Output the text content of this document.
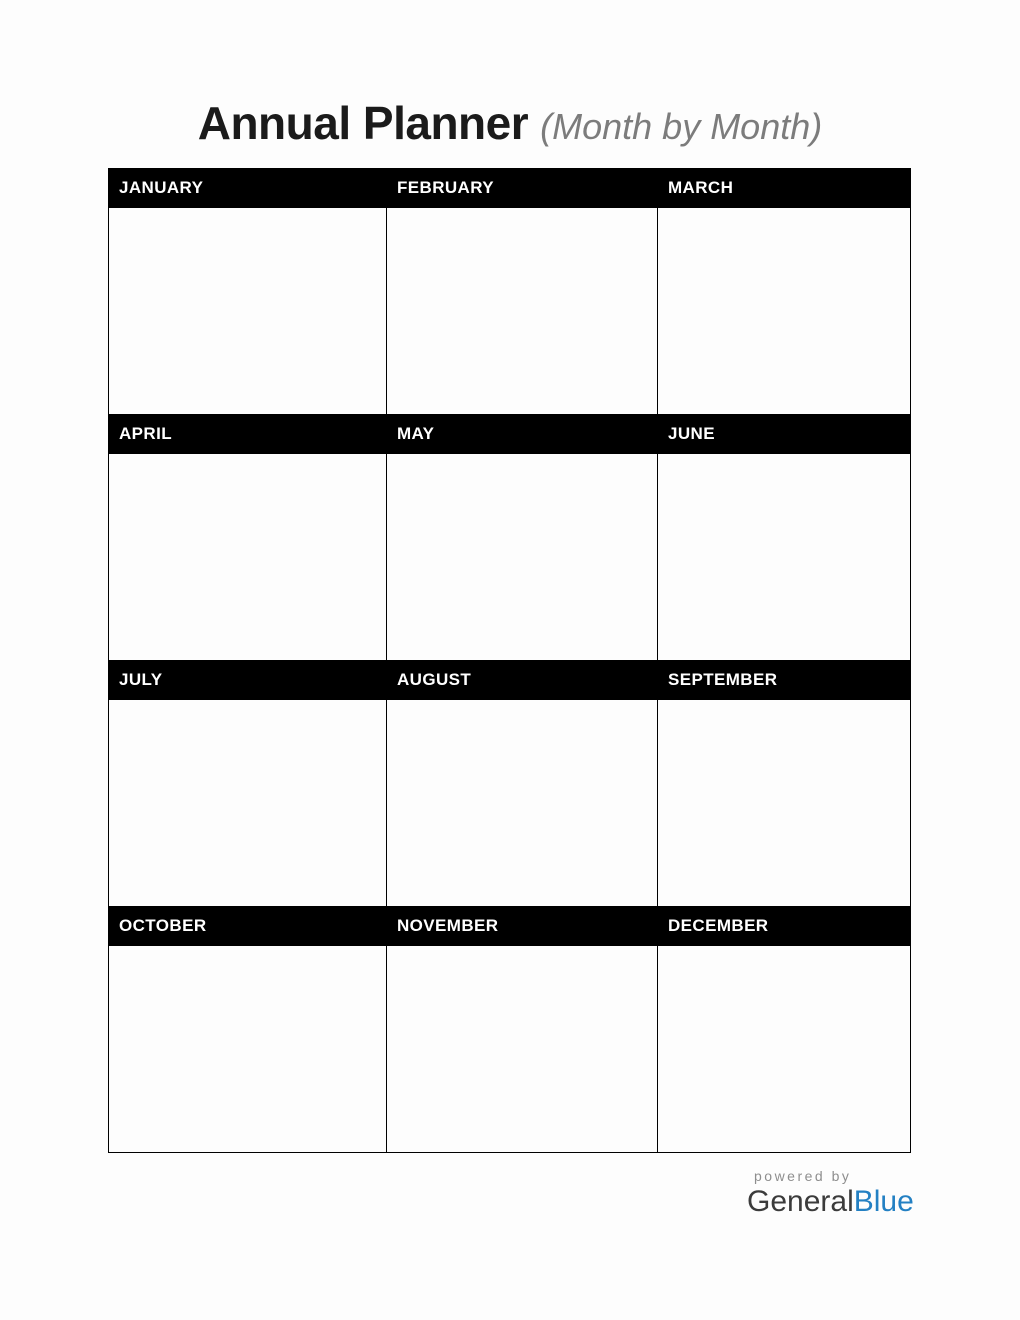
Annual Planner (Month by Month)
JANUARY	FEBRUARY	MARCH
APRIL	MAY	JUNE
JULY	AUGUST	SEPTEMBER
OCTOBER	NOVEMBER	DECEMBER
powered by
GeneralBlue
